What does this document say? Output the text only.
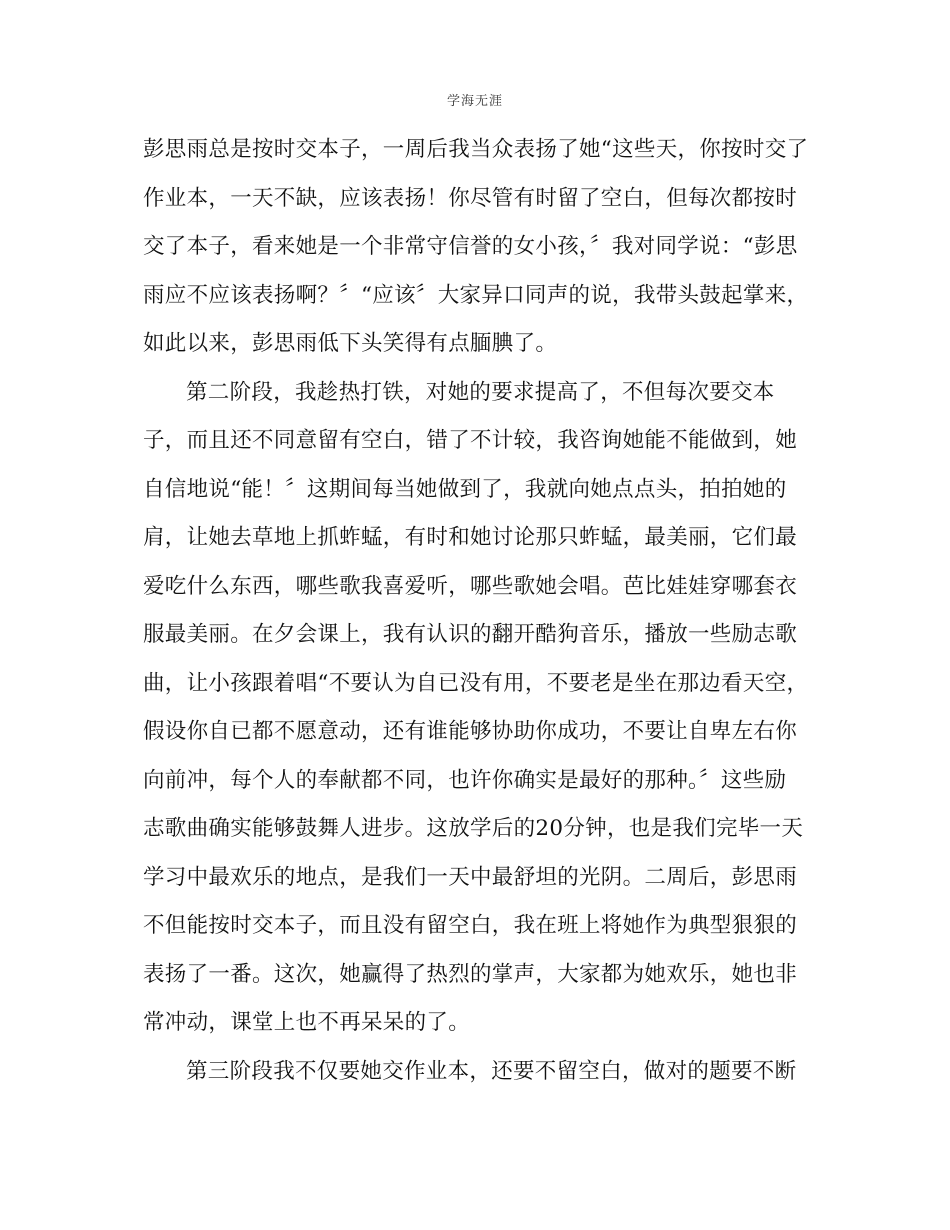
学海无涯
彭思雨总是按时交本子，一周后我当众表扬了她“这些天，你按时交了
作业本，一天不缺，应该表扬！你尽管有时留了空白，但每次都按时
交了本子，看来她是一个非常守信誉的女小孩，〞我对同学说：“彭思
雨应不应该表扬啊？〞“应该〞大家异口同声的说，我带头鼓起掌来，
如此以来，彭思雨低下头笑得有点腼腆了。
第二阶段，我趁热打铁，对她的要求提高了，不但每次要交本
子，而且还不同意留有空白，错了不计较，我咨询她能不能做到，她
自信地说“能！〞这期间每当她做到了，我就向她点点头，拍拍她的
肩，让她去草地上抓蚱蜢，有时和她讨论那只蚱蜢，最美丽，它们最
爱吃什么东西，哪些歌我喜爱听，哪些歌她会唱。芭比娃娃穿哪套衣
服最美丽。在夕会课上，我有认识的翻开酷狗音乐，播放一些励志歌
曲，让小孩跟着唱“不要认为自已没有用，不要老是坐在那边看天空，
假设你自已都不愿意动，还有谁能够协助你成功，不要让自卑左右你
向前冲，每个人的奉献都不同，也许你确实是最好的那种。〞这些励
志歌曲确实能够鼓舞人进步。这放学后的20分钟，也是我们完毕一天
学习中最欢乐的地点，是我们一天中最舒坦的光阴。二周后，彭思雨
不但能按时交本子，而且没有留空白，我在班上将她作为典型狠狠的
表扬了一番。这次，她赢得了热烈的掌声，大家都为她欢乐，她也非
常冲动，课堂上也不再呆呆的了。
第三阶段我不仅要她交作业本，还要不留空白，做对的题要不断
